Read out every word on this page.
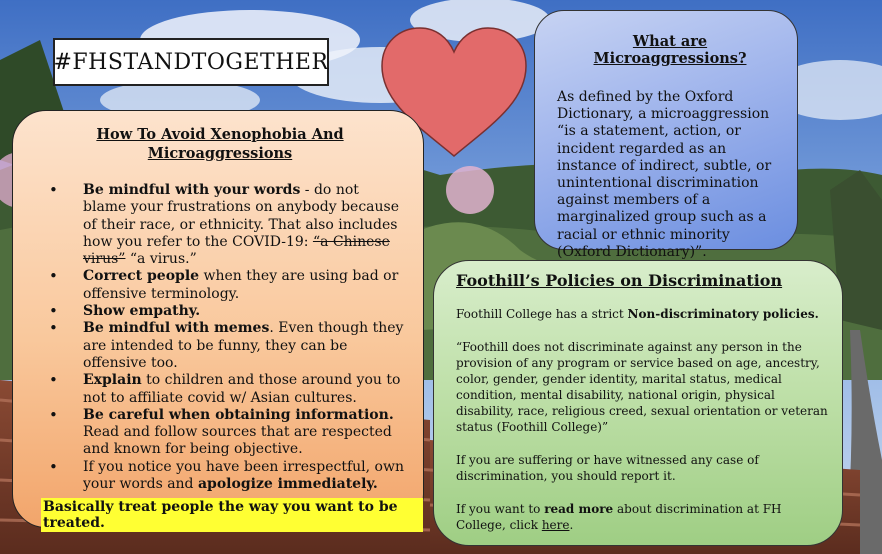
#FHSTANDTOGETHER
How To Avoid Xenophobia And
Microaggressions
• Be mindful with your words - do not blame your frustrations on anybody because of their race, or ethnicity. That also includes how you refer to the COVID-19: “a Chinese virus” “a virus.”
• Correct people when they are using bad or offensive terminology.
• Show empathy.
• Be mindful with memes. Even though they are intended to be funny, they can be offensive too.
• Explain to children and those around you to not to affiliate covid w/ Asian cultures.
• Be careful when obtaining information. Read and follow sources that are respected and known for being objective.
• If you notice you have been irrespectful, own your words and apologize immediately.
Basically treat people the way you want to be treated.
What are Microaggressions?
As defined by the Oxford Dictionary, a microaggression “is a statement, action, or incident regarded as an instance of indirect, subtle, or unintentional discrimination against members of a marginalized group such as a racial or ethnic minority (Oxford Dictionary)”.
Foothill’s Policies on Discrimination

Foothill College has a strict Non-discriminatory policies.

“Foothill does not discriminate against any person in the provision of any program or service based on age, ancestry, color, gender, gender identity, marital status, medical condition, mental disability, national origin, physical disability, race, religious creed, sexual orientation or veteran status (Foothill College)”

If you are suffering or have witnessed any case of discrimination, you should report it.

If you want to read more about discrimination at FH College, click here.
